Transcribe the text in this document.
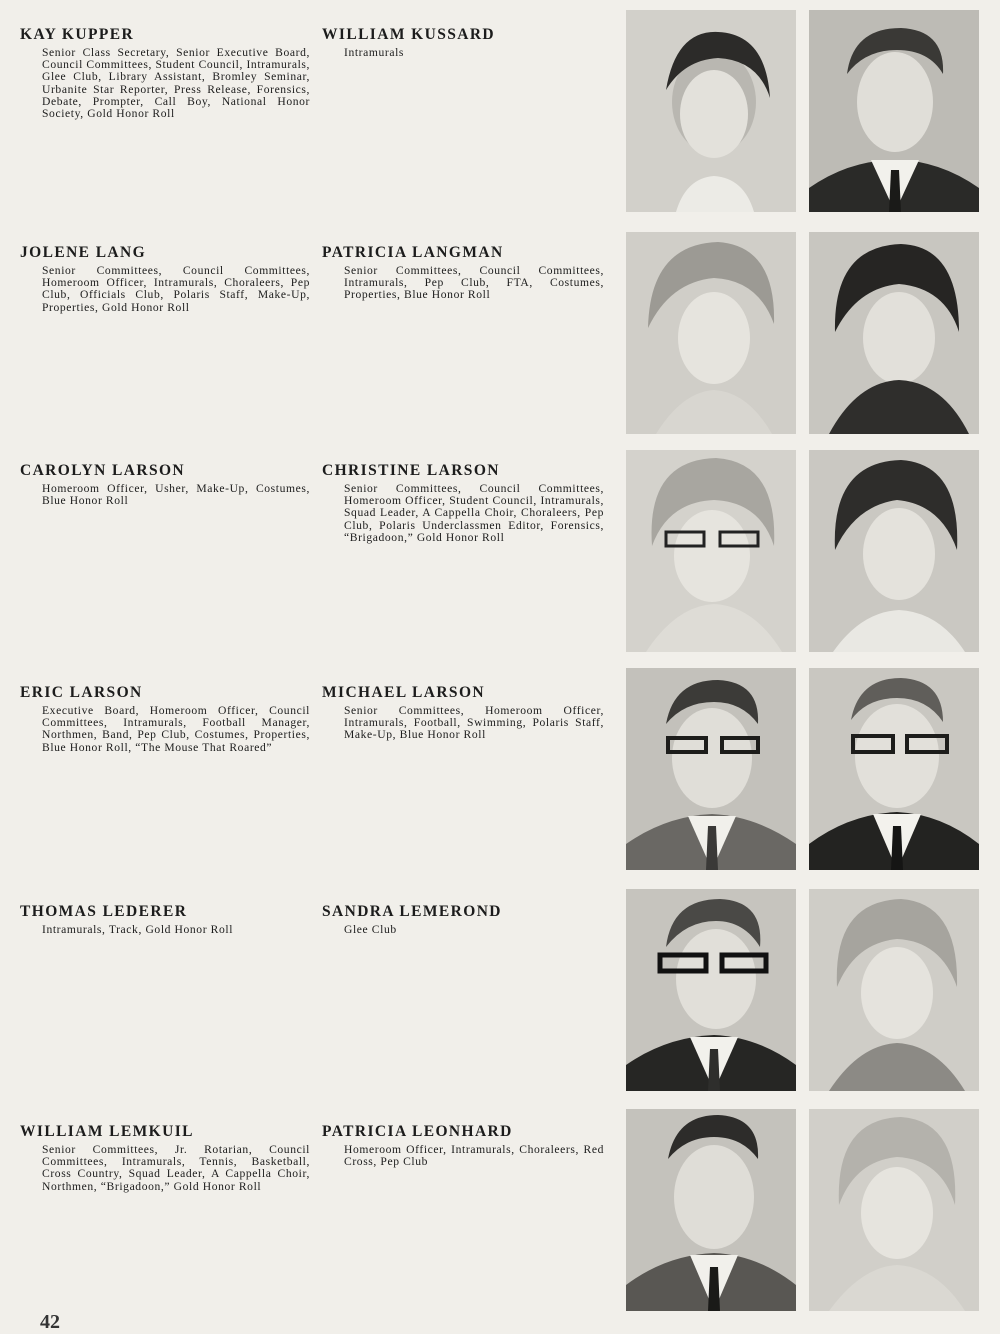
KAY KUPPER
Senior Class Secretary, Senior Executive Board, Council Committees, Student Council, Intramurals, Glee Club, Library Assistant, Bromley Seminar, Urbanite Star Reporter, Press Release, Forensics, Debate, Prompter, Call Boy, National Honor Society, Gold Honor Roll
WILLIAM KUSSARD
Intramurals
JOLENE LANG
Senior Committees, Council Committees, Homeroom Officer, Intramurals, Choraleers, Pep Club, Officials Club, Polaris Staff, Make-Up, Properties, Gold Honor Roll
PATRICIA LANGMAN
Senior Committees, Council Committees, Intramurals, Pep Club, FTA, Costumes, Properties, Blue Honor Roll
CAROLYN LARSON
Homeroom Officer, Usher, Make-Up, Costumes, Blue Honor Roll
CHRISTINE LARSON
Senior Committees, Council Committees, Homeroom Officer, Student Council, Intramurals, Squad Leader, A Cappella Choir, Choraleers, Pep Club, Polaris Underclassmen Editor, Forensics, “Brigadoon,” Gold Honor Roll
ERIC LARSON
Executive Board, Homeroom Officer, Council Committees, Intramurals, Football Manager, Northmen, Band, Pep Club, Costumes, Properties, Blue Honor Roll, “The Mouse That Roared”
MICHAEL LARSON
Senior Committees, Homeroom Officer, Intramurals, Football, Swimming, Polaris Staff, Make-Up, Blue Honor Roll
THOMAS LEDERER
Intramurals, Track, Gold Honor Roll
SANDRA LEMEROND
Glee Club
WILLIAM LEMKUIL
Senior Committees, Jr. Rotarian, Council Committees, Intramurals, Tennis, Basketball, Cross Country, Squad Leader, A Cappella Choir, Northmen, “Brigadoon,” Gold Honor Roll
PATRICIA LEONHARD
Homeroom Officer, Intramurals, Choraleers, Red Cross, Pep Club
42
